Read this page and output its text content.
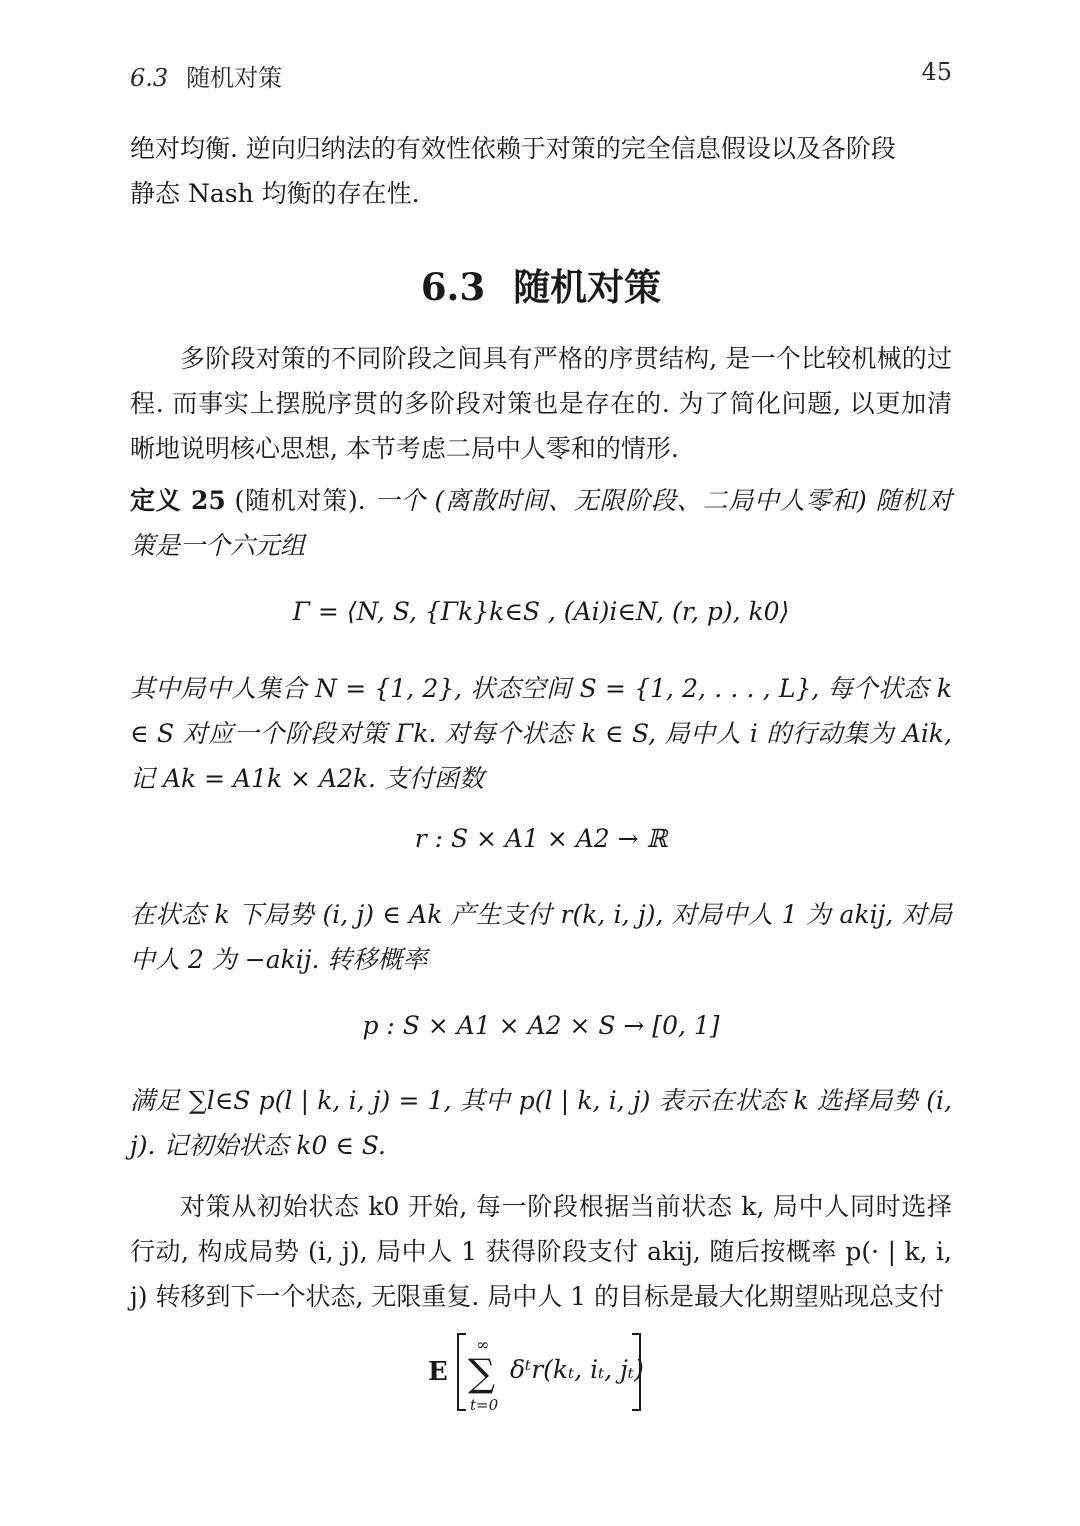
6.3 随机对策	45
绝对均衡. 逆向归纳法的有效性依赖于对策的完全信息假设以及各阶段
静态 Nash 均衡的存在性.
6.3 随机对策
多阶段对策的不同阶段之间具有严格的序贯结构, 是一个比较机械的过程. 而事实上摆脱序贯的多阶段对策也是存在的. 为了简化问题, 以更加清晰地说明核心思想, 本节考虑二局中人零和的情形.
定义 25 (随机对策). 一个 (离散时间、无限阶段、二局中人零和) 随机对策是一个六元组
Γ = ⟨N, S, {Γk}k∈S , (Ai)i∈N, (r, p), k0⟩
其中局中人集合 N = {1, 2}, 状态空间 S = {1, 2, . . . , L}, 每个状态 k ∈ S 对应一个阶段对策 Γk. 对每个状态 k ∈ S, 局中人 i 的行动集为 Aik, 记 Ak = A1k × A2k. 支付函数
r : S × A1 × A2 → ℝ
在状态 k 下局势 (i, j) ∈ Ak 产生支付 r(k, i, j), 对局中人 1 为 akij, 对局中人 2 为 −akij. 转移概率
p : S × A1 × A2 × S → [0, 1]
满足 ∑l∈S p(l | k, i, j) = 1, 其中 p(l | k, i, j) 表示在状态 k 选择局势 (i, j). 记初始状态 k0 ∈ S.
对策从初始状态 k0 开始, 每一阶段根据当前状态 k, 局中人同时选择行动, 构成局势 (i, j), 局中人 1 获得阶段支付 akij, 随后按概率 p(· | k, i, j) 转移到下一个状态, 无限重复. 局中人 1 的目标是最大化期望贴现总支付
E
∞
∑
t=0
δᵗr(kₜ, iₜ, jₜ)
